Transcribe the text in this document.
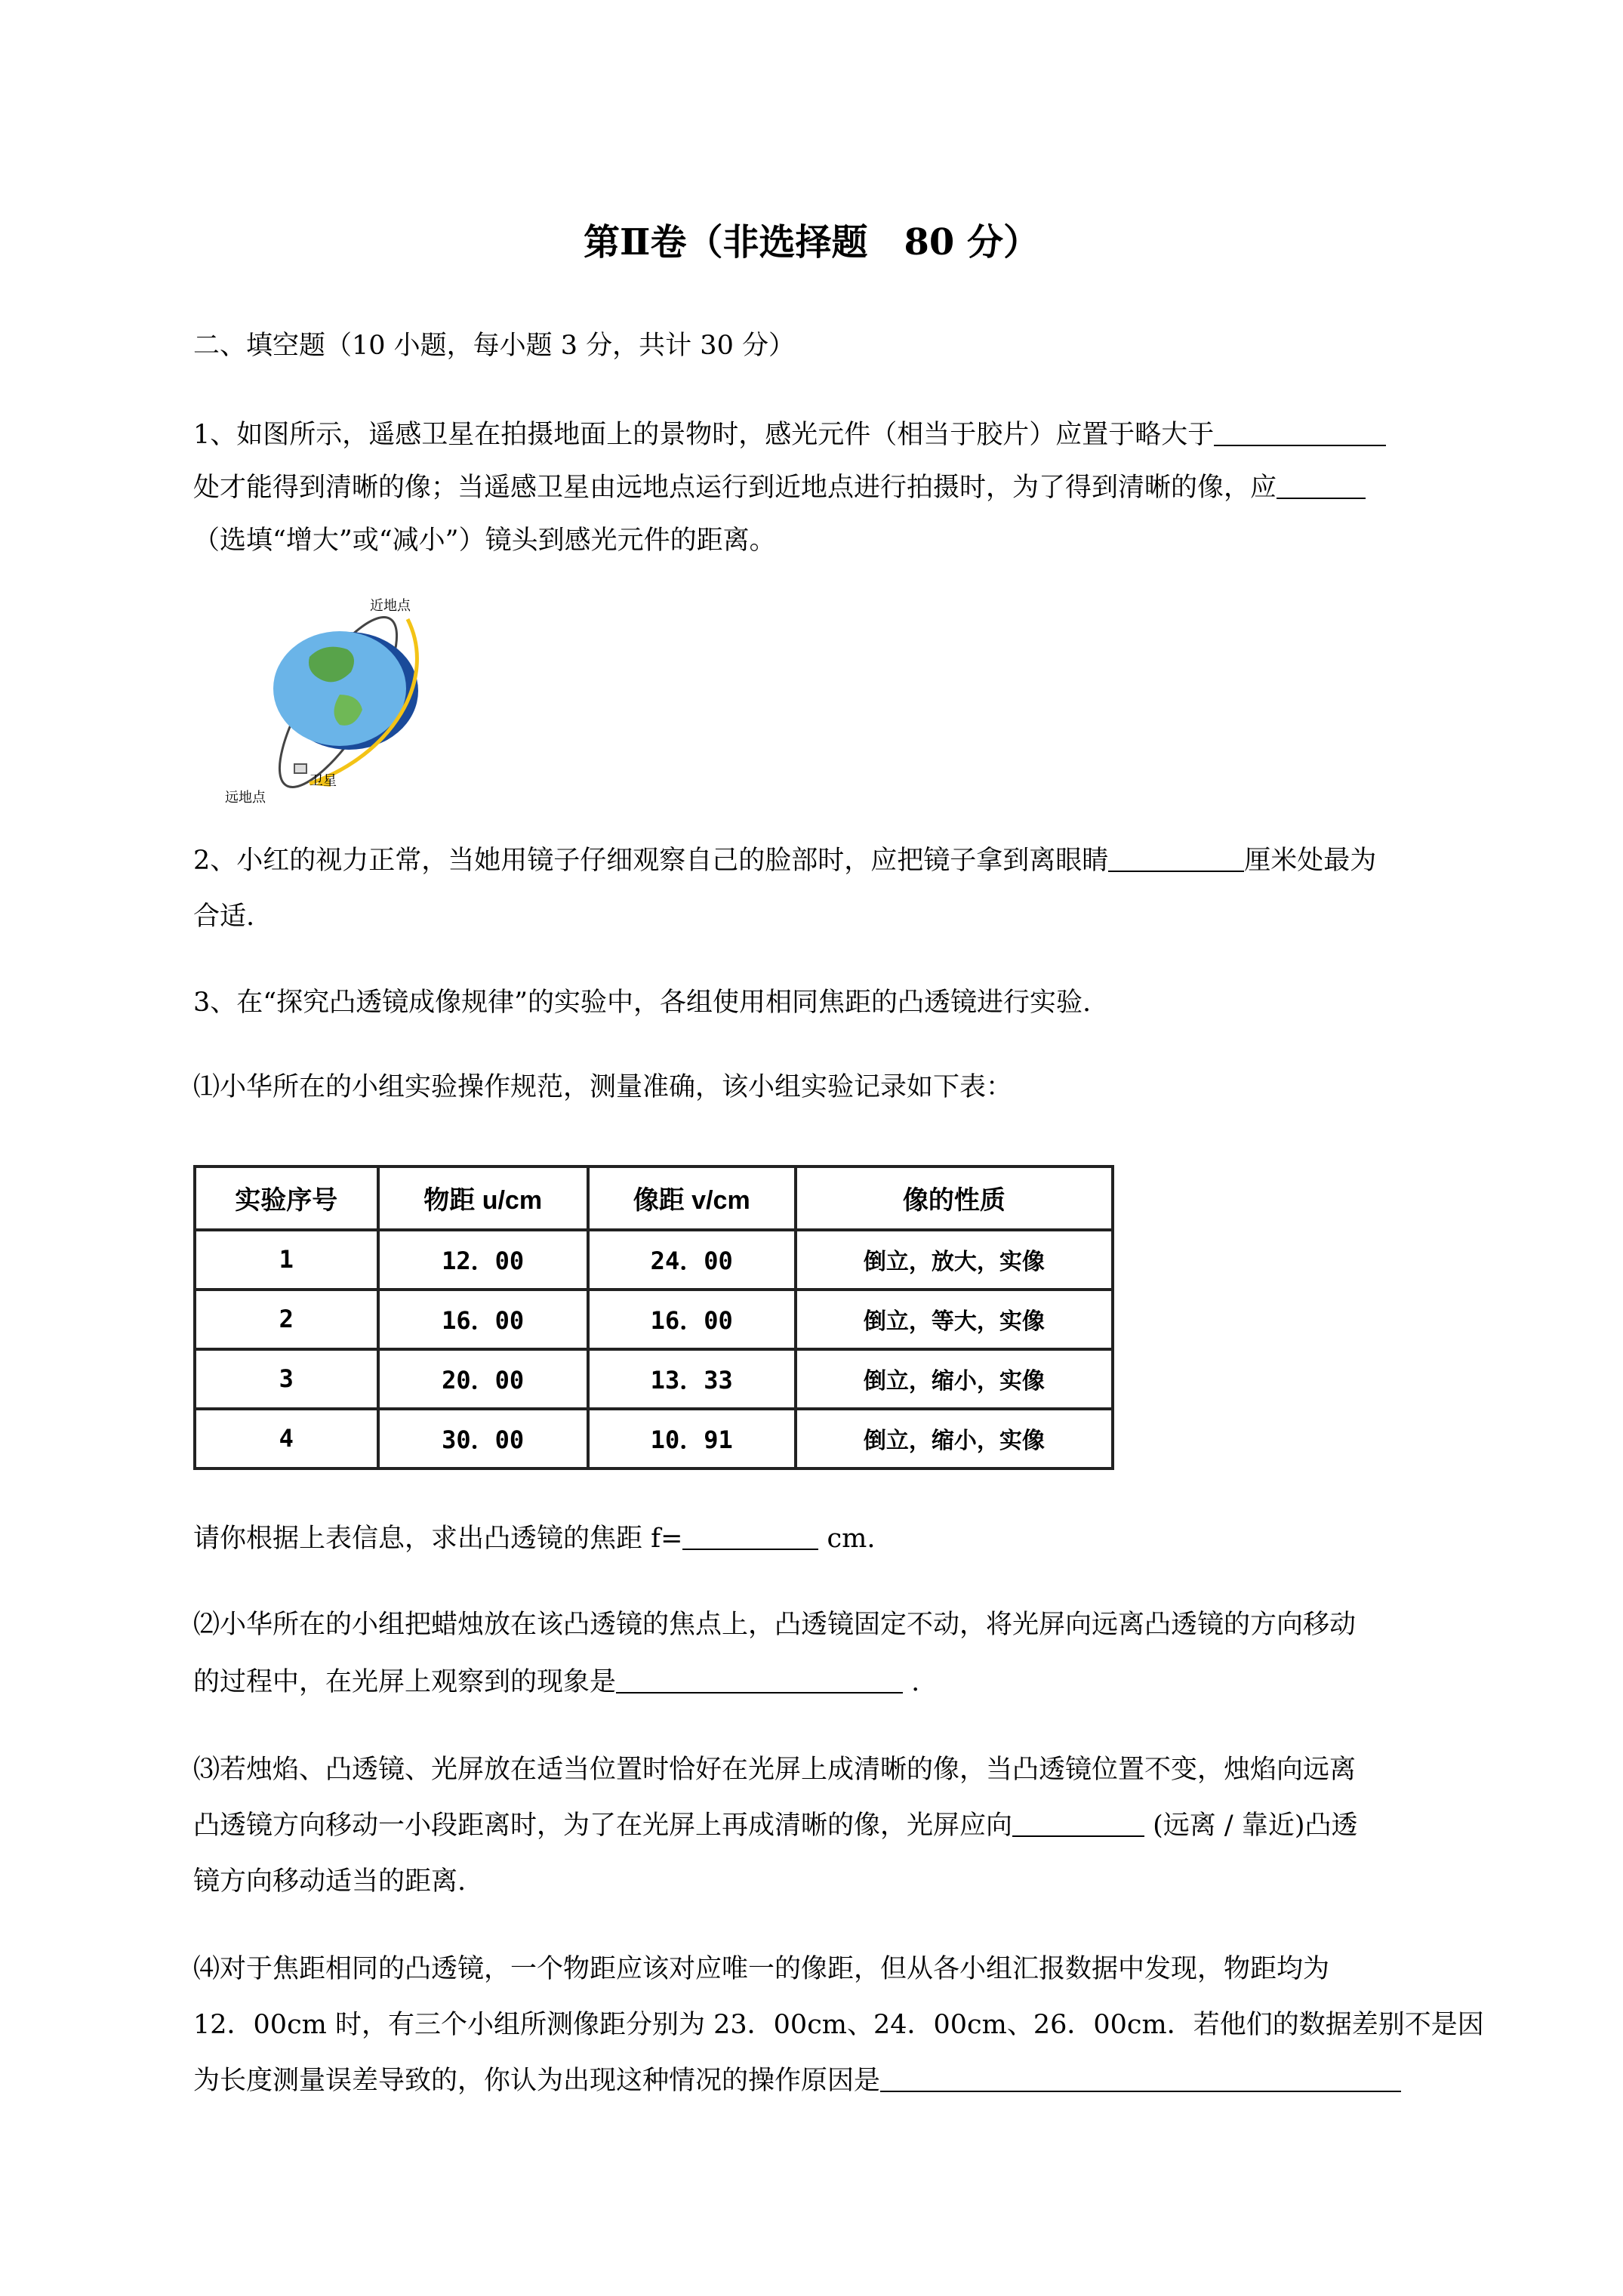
第Ⅱ卷（非选择题　80 分）
二、填空题（10 小题，每小题 3 分，共计 30 分）
1、如图所示，遥感卫星在拍摄地面上的景物时，感光元件（相当于胶片）应置于略大于
处才能得到清晰的像；当遥感卫星由远地点运行到近地点进行拍摄时，为了得到清晰的像，应
（选填“增大”或“减小”）镜头到感光元件的距离。
近地点
远地点
卫星
2、小红的视力正常，当她用镜子仔细观察自己的脸部时，应把镜子拿到离眼睛	厘米处最为
合适.
3、在“探究凸透镜成像规律”的实验中，各组使用相同焦距的凸透镜进行实验.
⑴小华所在的小组实验操作规范，测量准确，该小组实验记录如下表：
实验序号	物距 u/cm	像距 v/cm	像的性质
1	12．00	24．00	倒立，放大，实像
2	16．00	16．00	倒立，等大，实像
3	20．00	13．33	倒立，缩小，实像
4	30．00	10．91	倒立，缩小，实像
请你根据上表信息，求出凸透镜的焦距 f=	cm.
⑵小华所在的小组把蜡烛放在该凸透镜的焦点上，凸透镜固定不动，将光屏向远离凸透镜的方向移动
的过程中，在光屏上观察到的现象是	.
⑶若烛焰、凸透镜、光屏放在适当位置时恰好在光屏上成清晰的像，当凸透镜位置不变，烛焰向远离
凸透镜方向移动一小段距离时，为了在光屏上再成清晰的像，光屏应向	(远离 / 靠近)凸透
镜方向移动适当的距离.
⑷对于焦距相同的凸透镜，一个物距应该对应唯一的像距，但从各小组汇报数据中发现，物距均为
12．00cm 时，有三个小组所测像距分别为 23．00cm、24．00cm、26．00cm．若他们的数据差别不是因
为长度测量误差导致的，你认为出现这种情况的操作原因是
